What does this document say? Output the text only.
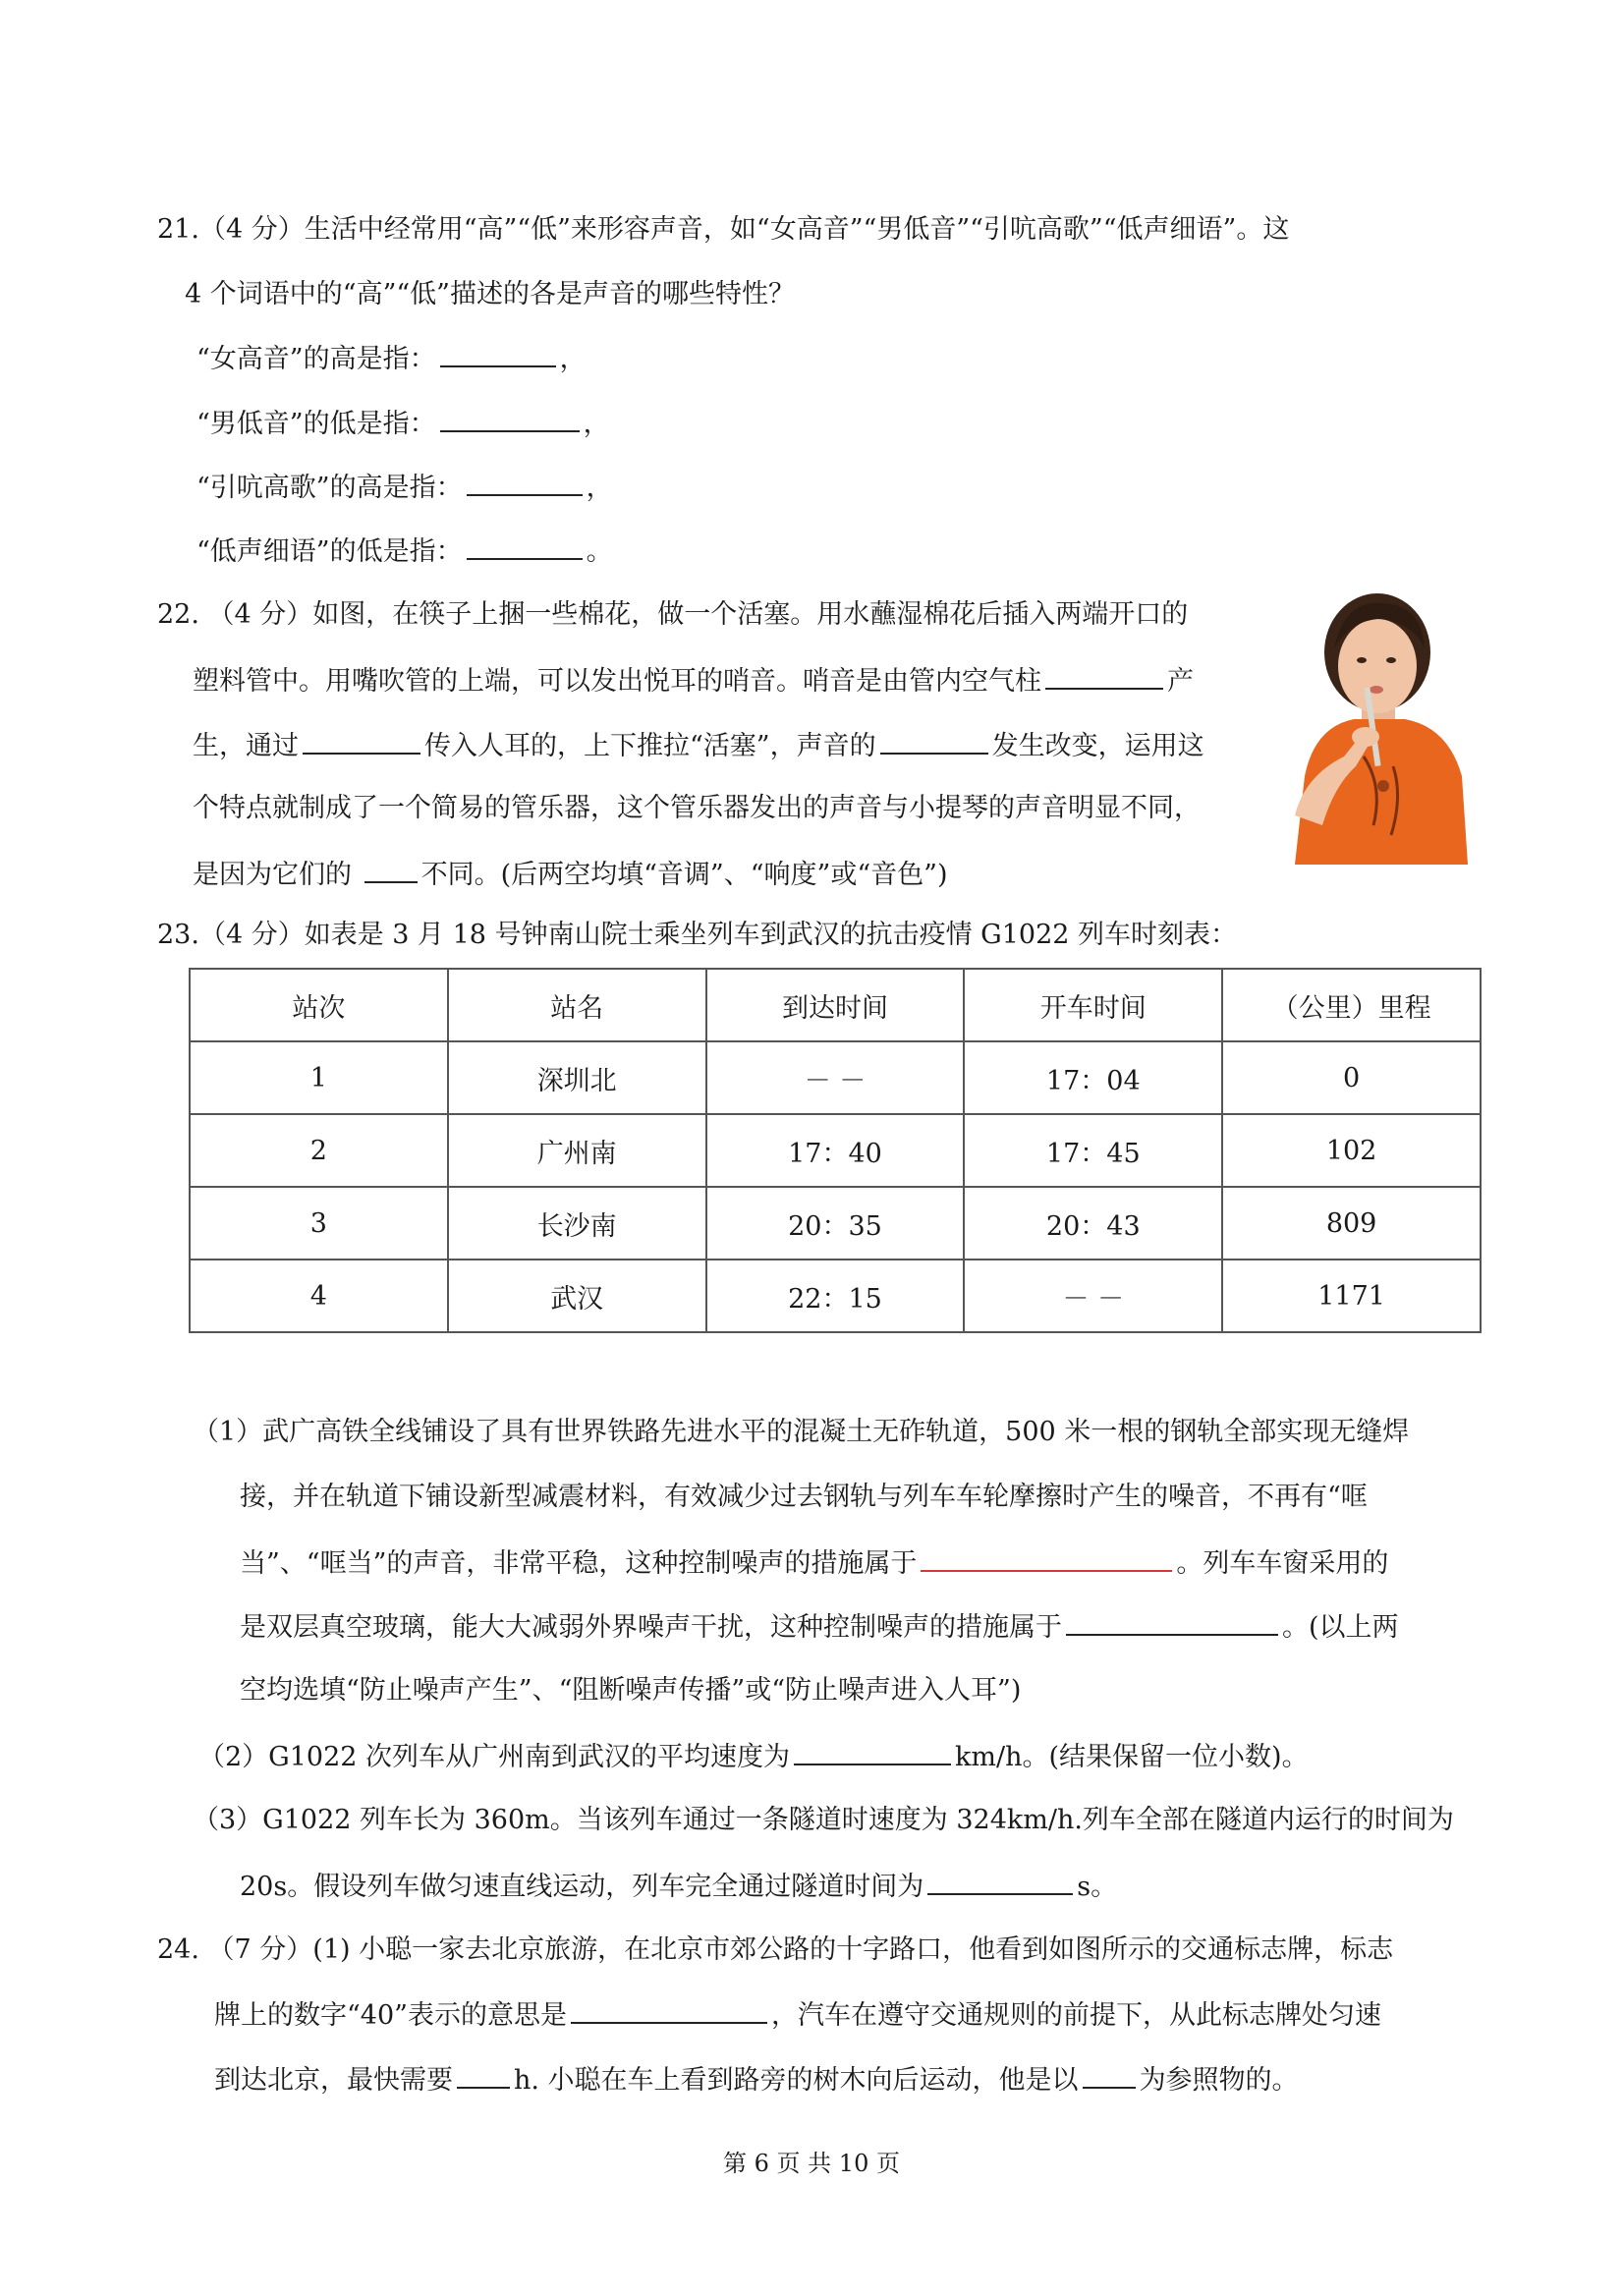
21.（4 分）生活中经常用“高”“低”来形容声音，如“女高音”“男低音”“引吭高歌”“低声细语”。这
4 个词语中的“高”“低”描述的各是声音的哪些特性？
“女高音”的高是指：	，
“男低音”的低是指：	，
“引吭高歌”的高是指：	，
“低声细语”的低是指：	。
22. （4 分）如图，在筷子上捆一些棉花，做一个活塞。用水蘸湿棉花后插入两端开口的
塑料管中。用嘴吹管的上端，可以发出悦耳的哨音。哨音是由管内空气柱	产
生，通过	传入人耳的，上下推拉“活塞”，声音的	发生改变，运用这
个特点就制成了一个简易的管乐器，这个管乐器发出的声音与小提琴的声音明显不同，
是因为它们的 不同。(后两空均填“音调”、“响度”或“音色”)
23.（4 分）如表是 3 月 18 号钟南山院士乘坐列车到武汉的抗击疫情 G1022 列车时刻表：
站次	站名	到达时间	开车时间	（公里）里程
1	深圳北	－ －	17：04	0
2	广州南	17：40	17：45	102
3	长沙南	20：35	20：43	809
4	武汉	22：15	－ －	1171
（1）武广高铁全线铺设了具有世界铁路先进水平的混凝土无砟轨道，500 米一根的钢轨全部实现无缝焊
接，并在轨道下铺设新型减震材料，有效减少过去钢轨与列车车轮摩擦时产生的噪音，不再有“哐
当”、“哐当”的声音，非常平稳，这种控制噪声的措施属于	。列车车窗采用的
是双层真空玻璃，能大大减弱外界噪声干扰，这种控制噪声的措施属于	。(以上两
空均选填“防止噪声产生”、“阻断噪声传播”或“防止噪声进入人耳”)
（2）G1022 次列车从广州南到武汉的平均速度为	km/h。(结果保留一位小数)。
（3）G1022 列车长为 360m。当该列车通过一条隧道时速度为 324km/h.列车全部在隧道内运行的时间为
20s。假设列车做匀速直线运动，列车完全通过隧道时间为	s。
24. （7 分）(1) 小聪一家去北京旅游，在北京市郊公路的十字路口，他看到如图所示的交通标志牌，标志
牌上的数字“40”表示的意思是	，汽车在遵守交通规则的前提下，从此标志牌处匀速
到达北京，最快需要 h. 小聪在车上看到路旁的树木向后运动，他是以 为参照物的。
第 6 页 共 10 页
